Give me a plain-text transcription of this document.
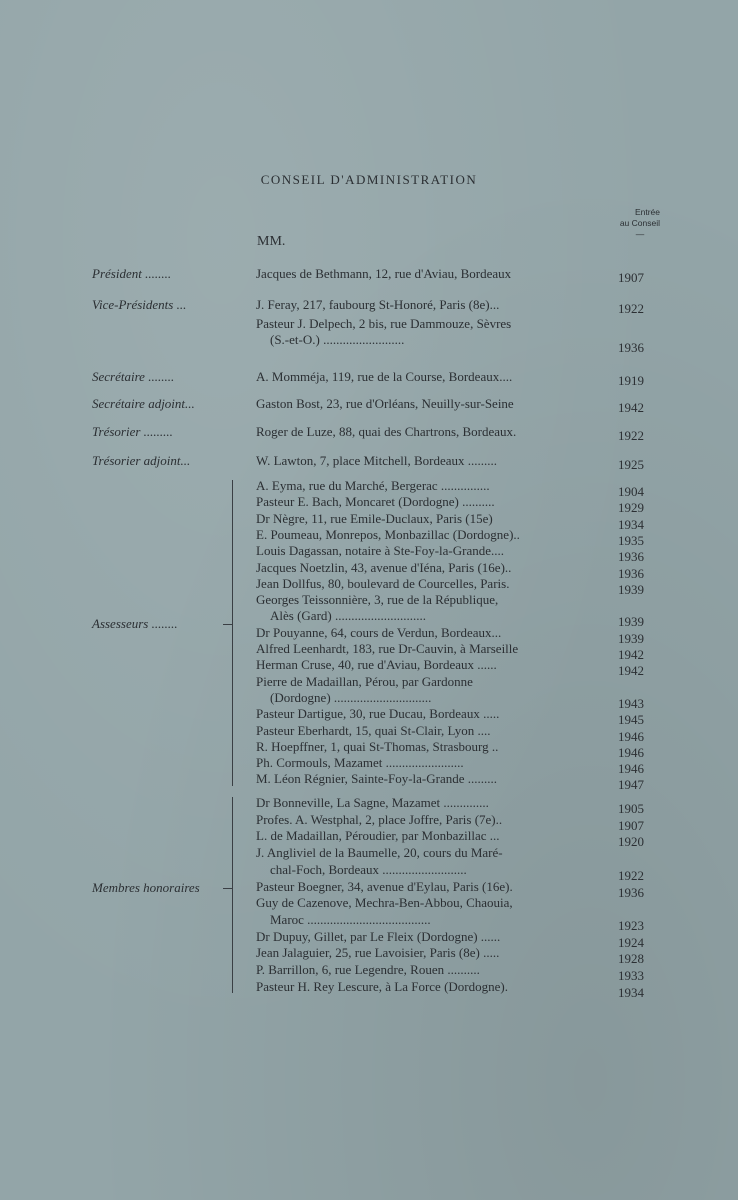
CONSEIL D'ADMINISTRATION
Entrée
au Conseil

—
MM.
Président ........	Jacques de Bethmann, 12, rue d'Aviau, Bordeaux	1907
Vice-Présidents ...	J. Feray, 217, faubourg St-Honoré, Paris (8e)...	1922
Pasteur J. Delpech, 2 bis, rue Dammouze, Sèvres
(S.-et-O.) .........................
1936
Secrétaire ........	A. Momméja, 119, rue de la Course, Bordeaux....	1919
Secrétaire adjoint...	Gaston Bost, 23, rue d'Orléans, Neuilly-sur-Seine	1942
Trésorier .........	Roger de Luze, 88, quai des Chartrons, Bordeaux.	1922
Trésorier adjoint...	W. Lawton, 7, place Mitchell, Bordeaux .........	1925
Assesseurs ........
A. Eyma, rue du Marché, Bergerac ...............	1904
Pasteur E. Bach, Moncaret (Dordogne) ..........	1929
Dr Nègre, 11, rue Emile-Duclaux, Paris (15e)	1934
E. Poumeau, Monrepos, Monbazillac (Dordogne)..	1935
Louis Dagassan, notaire à Ste-Foy-la-Grande....	1936
Jacques Noetzlin, 43, avenue d'Iéna, Paris (16e)..	1936
Jean Dollfus, 80, boulevard de Courcelles, Paris.	1939
Georges Teissonnière, 3, rue de la République,
Alès (Gard) ............................	1939
Dr Pouyanne, 64, cours de Verdun, Bordeaux...	1939
Alfred Leenhardt, 183, rue Dr-Cauvin, à Marseille	1942
Herman Cruse, 40, rue d'Aviau, Bordeaux ......	1942
Pierre de Madaillan, Pérou, par Gardonne
(Dordogne) ..............................	1943
Pasteur Dartigue, 30, rue Ducau, Bordeaux .....	1945
Pasteur Eberhardt, 15, quai St-Clair, Lyon ....	1946
R. Hoepffner, 1, quai St-Thomas, Strasbourg ..	1946
Ph. Cormouls, Mazamet ........................	1946
M. Léon Régnier, Sainte-Foy-la-Grande .........	1947
Membres honoraires
Dr Bonneville, La Sagne, Mazamet ..............	1905
Profes. A. Westphal, 2, place Joffre, Paris (7e)..	1907
L. de Madaillan, Péroudier, par Monbazillac ...	1920
J. Angliviel de la Baumelle, 20, cours du Maré-
chal-Foch, Bordeaux ..........................	1922
Pasteur Boegner, 34, avenue d'Eylau, Paris (16e).	1936
Guy de Cazenove, Mechra-Ben-Abbou, Chaouia,
Maroc ......................................	1923
Dr Dupuy, Gillet, par Le Fleix (Dordogne) ......	1924
Jean Jalaguier, 25, rue Lavoisier, Paris (8e) .....	1928
P. Barrillon, 6, rue Legendre, Rouen ..........	1933
Pasteur H. Rey Lescure, à La Force (Dordogne).	1934
